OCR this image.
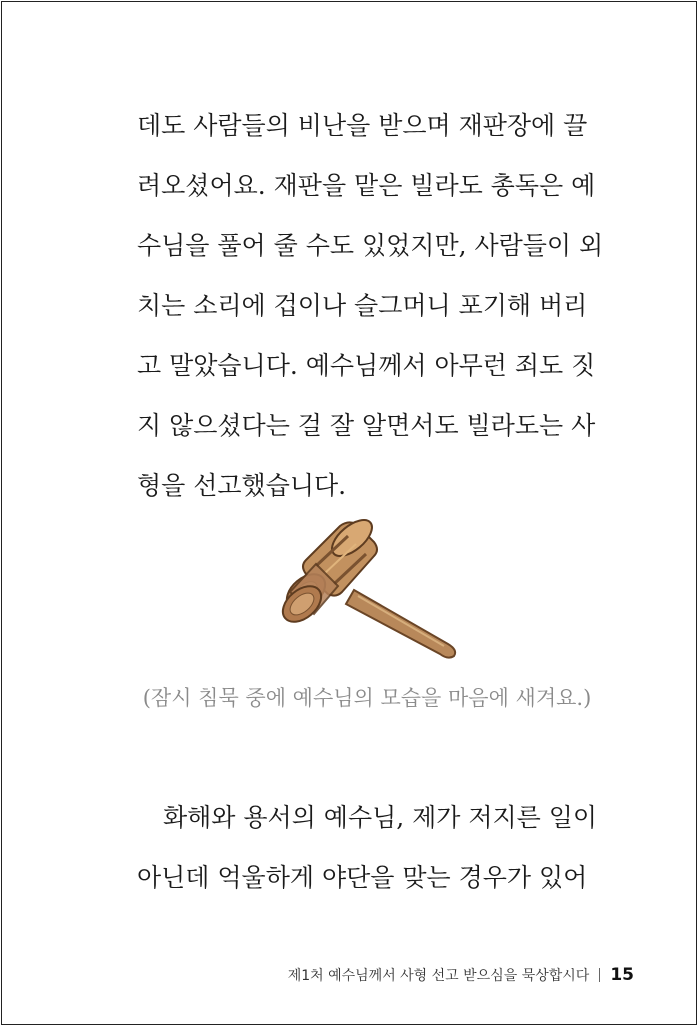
데도 사람들의 비난을 받으며 재판장에 끌
려오셨어요. 재판을 맡은 빌라도 총독은 예
수님을 풀어 줄 수도 있었지만, 사람들이 외
치는 소리에 겁이나 슬그머니 포기해 버리
고 말았습니다. 예수님께서 아무런 죄도 짓
지 않으셨다는 걸 잘 알면서도 빌라도는 사
형을 선고했습니다.

(잠시 침묵 중에 예수님의 모습을 마음에 새겨요.)

화해와 용서의 예수님, 제가 저지른 일이
아닌데 억울하게 야단을 맞는 경우가 있어

제1처 예수님께서 사형 선고 받으심을 묵상합시다 15
